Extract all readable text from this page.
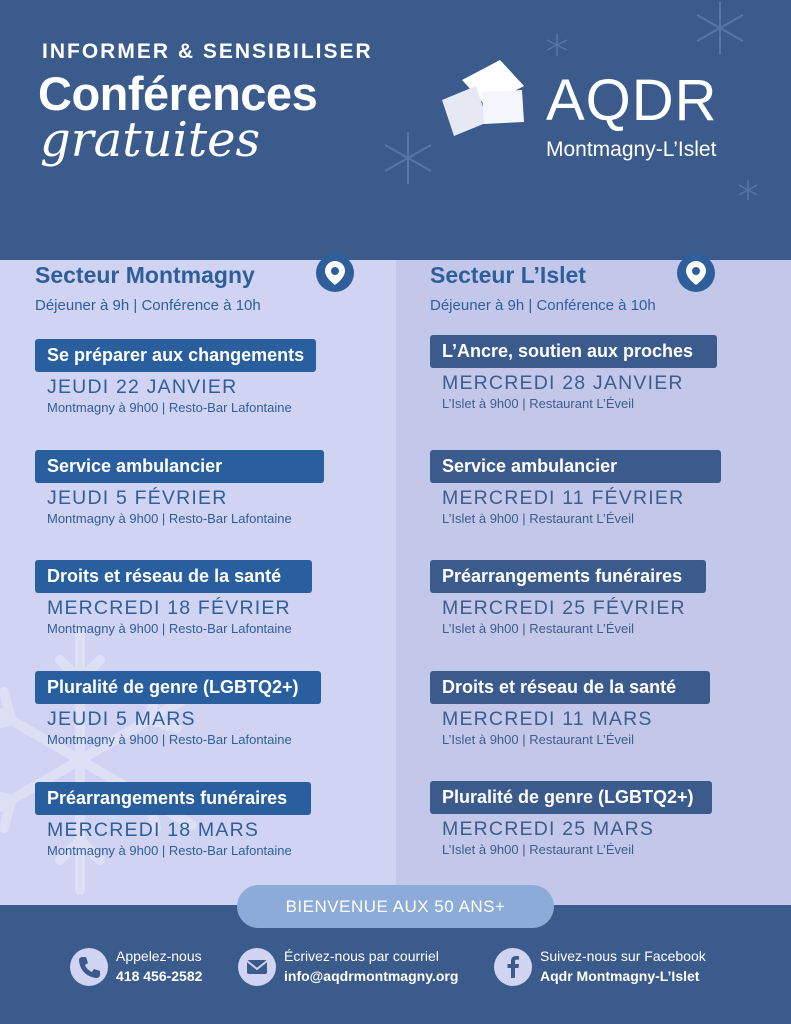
INFORMER & SENSIBILISER
Conférences
gratuites
AQDR
Montmagny-L’Islet
Secteur Montmagny
Déjeuner à 9h | Conférence à 10h
Se préparer aux changements
JEUDI 22 JANVIER
Montmagny à 9h00 | Resto-Bar Lafontaine
Service ambulancier
JEUDI 5 FÉVRIER
Montmagny à 9h00 | Resto-Bar Lafontaine
Droits et réseau de la santé
MERCREDI 18 FÉVRIER
Montmagny à 9h00 | Resto-Bar Lafontaine
Pluralité de genre (LGBTQ2+)
JEUDI 5 MARS
Montmagny à 9h00 | Resto-Bar Lafontaine
Préarrangements funéraires
MERCREDI 18 MARS
Montmagny à 9h00 | Resto-Bar Lafontaine
Secteur L’Islet
Déjeuner à 9h | Conférence à 10h
L’Ancre, soutien aux proches
MERCREDI 28 JANVIER
L’Islet à 9h00 | Restaurant L’Éveil
Service ambulancier
MERCREDI 11 FÉVRIER
L’Islet à 9h00 | Restaurant L’Éveil
Préarrangements funéraires
MERCREDI 25 FÉVRIER
L’Islet à 9h00 | Restaurant L’Éveil
Droits et réseau de la santé
MERCREDI 11 MARS
L’Islet à 9h00 | Restaurant L’Éveil
Pluralité de genre (LGBTQ2+)
MERCREDI 25 MARS
L’Islet à 9h00 | Restaurant L’Éveil
BIENVENUE AUX 50 ANS+
Appelez-nous
418 456-2582
Écrivez-nous par courriel
info@aqdrmontmagny.org
Suivez-nous sur Facebook
Aqdr Montmagny-L’Islet
